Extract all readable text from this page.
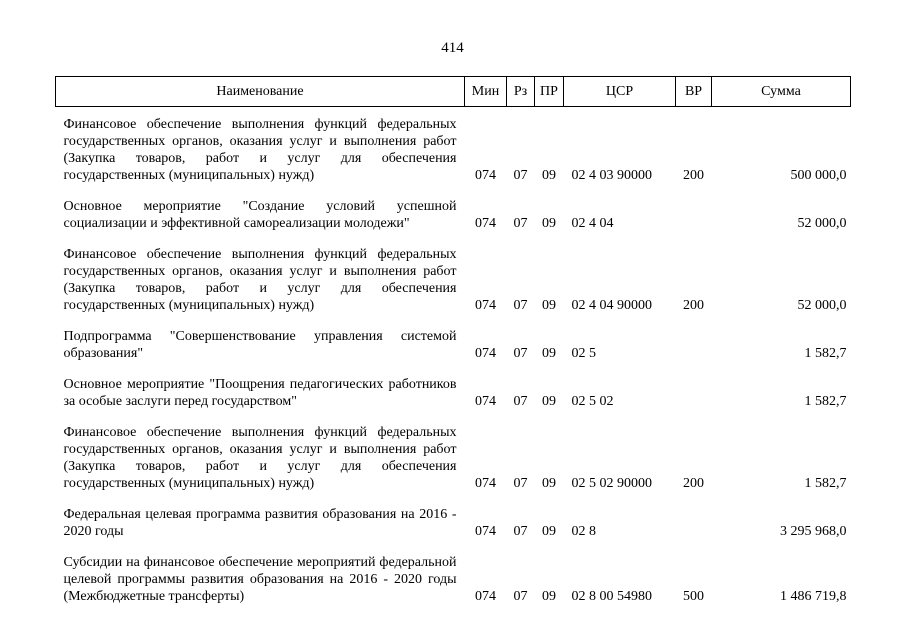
414
Наименование	Мин	Рз	ПР	ЦСР	ВР	Сумма
Финансовое обеспечение выполнения функций федеральных государственных органов, оказания услуг и выполнения работ (Закупка товаров, работ и услуг для обеспечения государственных (муниципальных) нужд)	074	07	09	02 4 03 90000	200	500 000,0
Основное мероприятие "Создание условий успешной социализации и эффективной самореализации молодежи"	074	07	09	02 4 04		52 000,0
Финансовое обеспечение выполнения функций федеральных государственных органов, оказания услуг и выполнения работ (Закупка товаров, работ и услуг для обеспечения государственных (муниципальных) нужд)	074	07	09	02 4 04 90000	200	52 000,0
Подпрограмма "Совершенствование управления системой образования"	074	07	09	02 5		1 582,7
Основное мероприятие "Поощрения педагогических работников за особые заслуги перед государством"	074	07	09	02 5 02		1 582,7
Финансовое обеспечение выполнения функций федеральных государственных органов, оказания услуг и выполнения работ (Закупка товаров, работ и услуг для обеспечения государственных (муниципальных) нужд)	074	07	09	02 5 02 90000	200	1 582,7
Федеральная целевая программа развития образования на 2016 - 2020 годы	074	07	09	02 8		3 295 968,0
Субсидии на финансовое обеспечение мероприятий федеральной целевой программы развития образования на 2016 - 2020 годы (Межбюджетные трансферты)	074	07	09	02 8 00 54980	500	1 486 719,8
